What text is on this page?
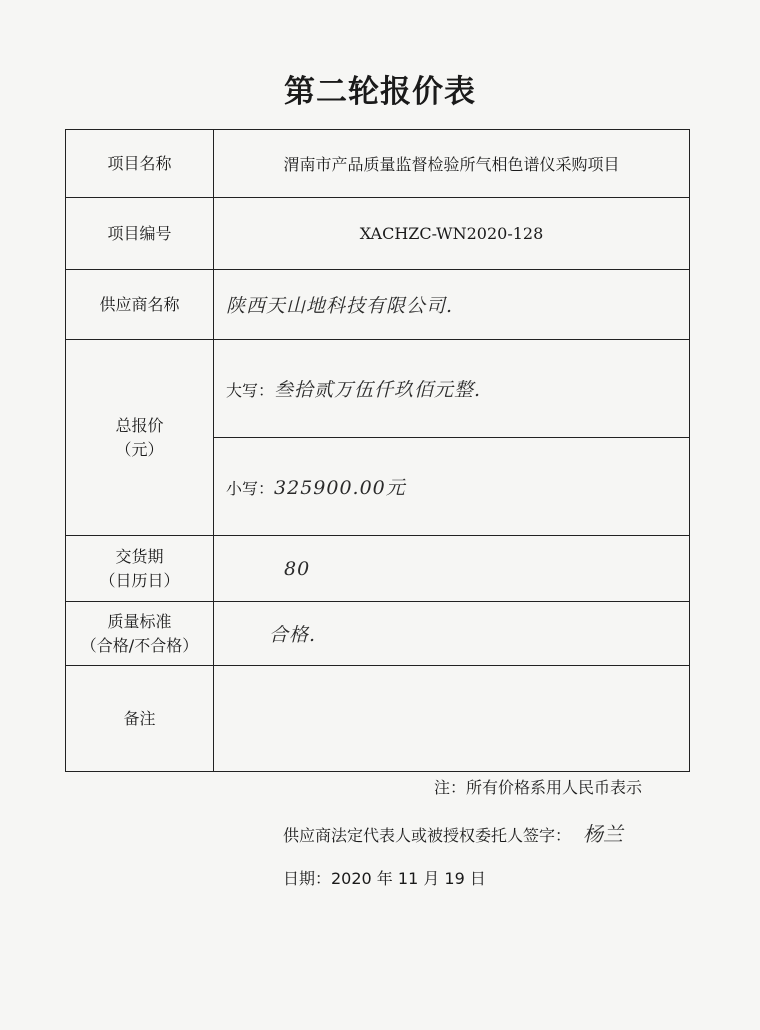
第二轮报价表
项目名称	渭南市产品质量监督检验所气相色谱仪采购项目
项目编号	XACHZC-WN2020-128
供应商名称	陕西天山地科技有限公司.

总报价
（元）	大写：叁拾贰万伍仟玖佰元整.
	小写：325900.00元

交货期
（日历日）	80

质量标准
（合格/不合格）	合格.
备注	
注：所有价格系用人民币表示
供应商法定代表人或被授权委托人签字： 杨兰
日期：2020 年 11 月 19 日
